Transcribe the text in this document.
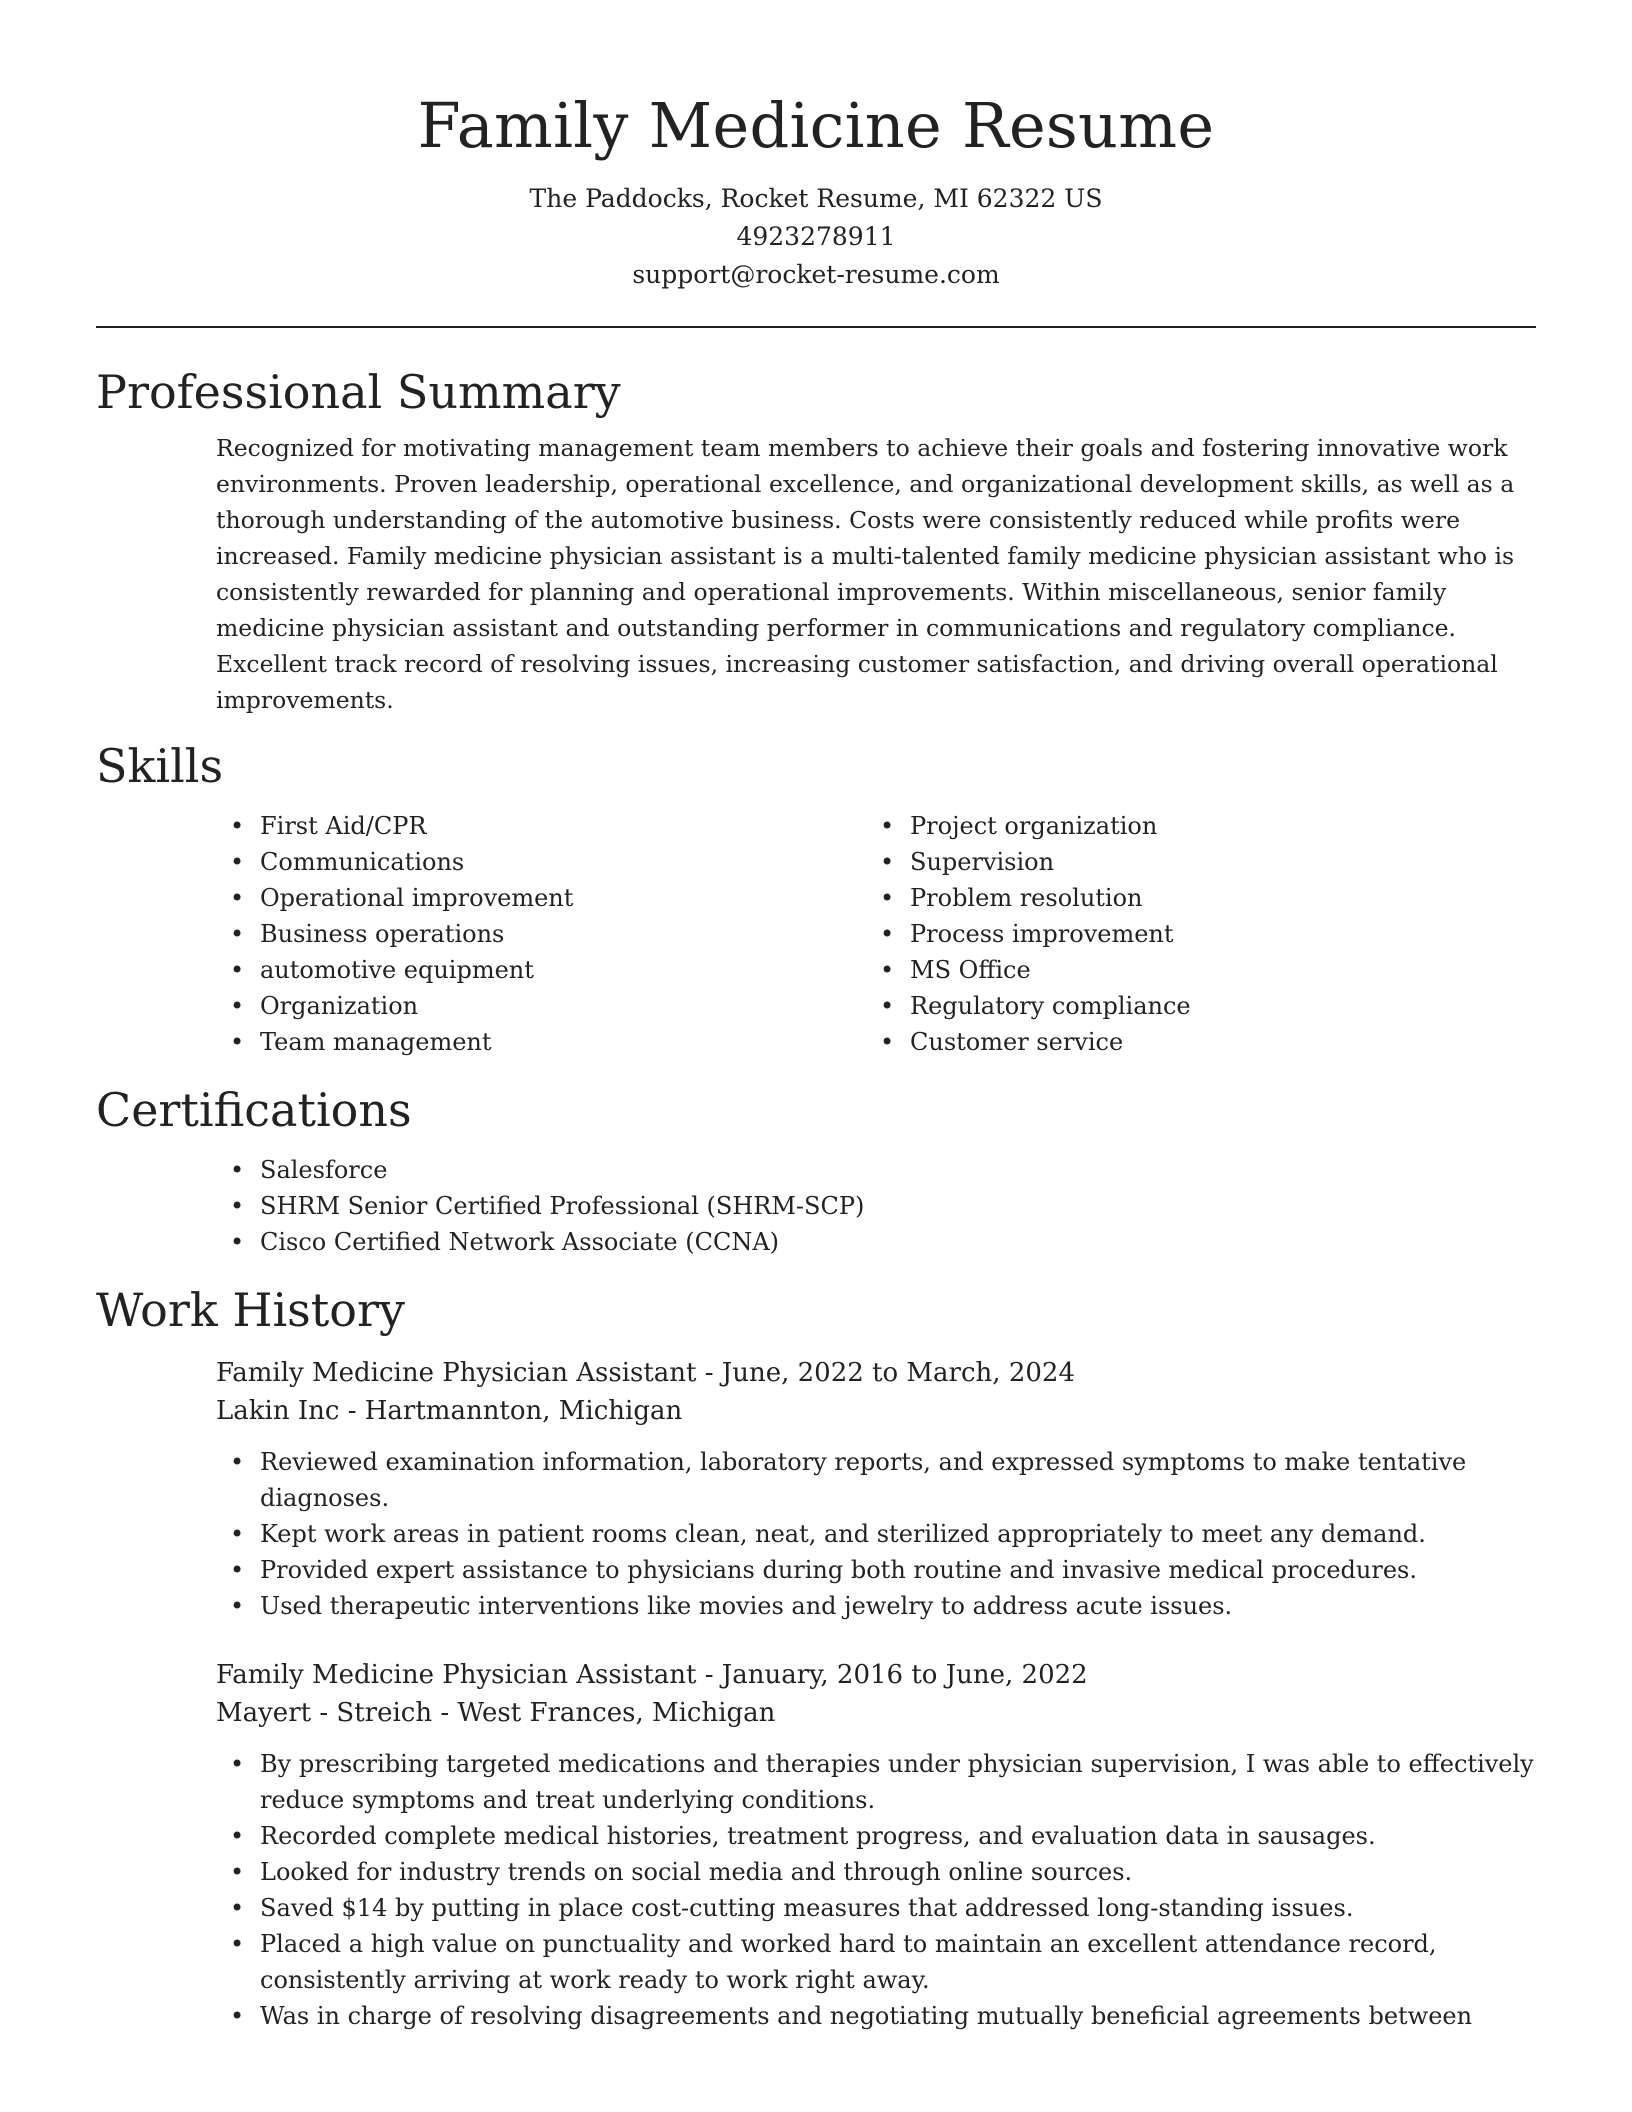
Family Medicine Resume
The Paddocks, Rocket Resume, MI 62322 US
4923278911
support@rocket-resume.com
Professional Summary

Recognized for motivating management team members to achieve their goals and fostering innovative work environments. Proven leadership, operational excellence, and organizational development skills, as well as a thorough understanding of the automotive business. Costs were consistently reduced while profits were increased. Family medicine physician assistant is a multi-talented family medicine physician assistant who is consistently rewarded for planning and operational improvements. Within miscellaneous, senior family medicine physician assistant and outstanding performer in communications and regulatory compliance. Excellent track record of resolving issues, increasing customer satisfaction, and driving overall operational improvements.

Skills
• First Aid/CPR
• Communications
• Operational improvement
• Business operations
• automotive equipment
• Organization
• Team management
• Project organization
• Supervision
• Problem resolution
• Process improvement
• MS Office
• Regulatory compliance
• Customer service
Certifications
• Salesforce
• SHRM Senior Certified Professional (SHRM-SCP)
• Cisco Certified Network Associate (CCNA)
Work History
Family Medicine Physician Assistant - June, 2022 to March, 2024
Lakin Inc - Hartmannton, Michigan
• Reviewed examination information, laboratory reports, and expressed symptoms to make tentative diagnoses.
• Kept work areas in patient rooms clean, neat, and sterilized appropriately to meet any demand.
• Provided expert assistance to physicians during both routine and invasive medical procedures.
• Used therapeutic interventions like movies and jewelry to address acute issues.
Family Medicine Physician Assistant - January, 2016 to June, 2022
Mayert - Streich - West Frances, Michigan
• By prescribing targeted medications and therapies under physician supervision, I was able to effectively reduce symptoms and treat underlying conditions.
• Recorded complete medical histories, treatment progress, and evaluation data in sausages.
• Looked for industry trends on social media and through online sources.
• Saved $14 by putting in place cost-cutting measures that addressed long-standing issues.
• Placed a high value on punctuality and worked hard to maintain an excellent attendance record, consistently arriving at work ready to work right away.
• Was in charge of resolving disagreements and negotiating mutually beneficial agreements between
